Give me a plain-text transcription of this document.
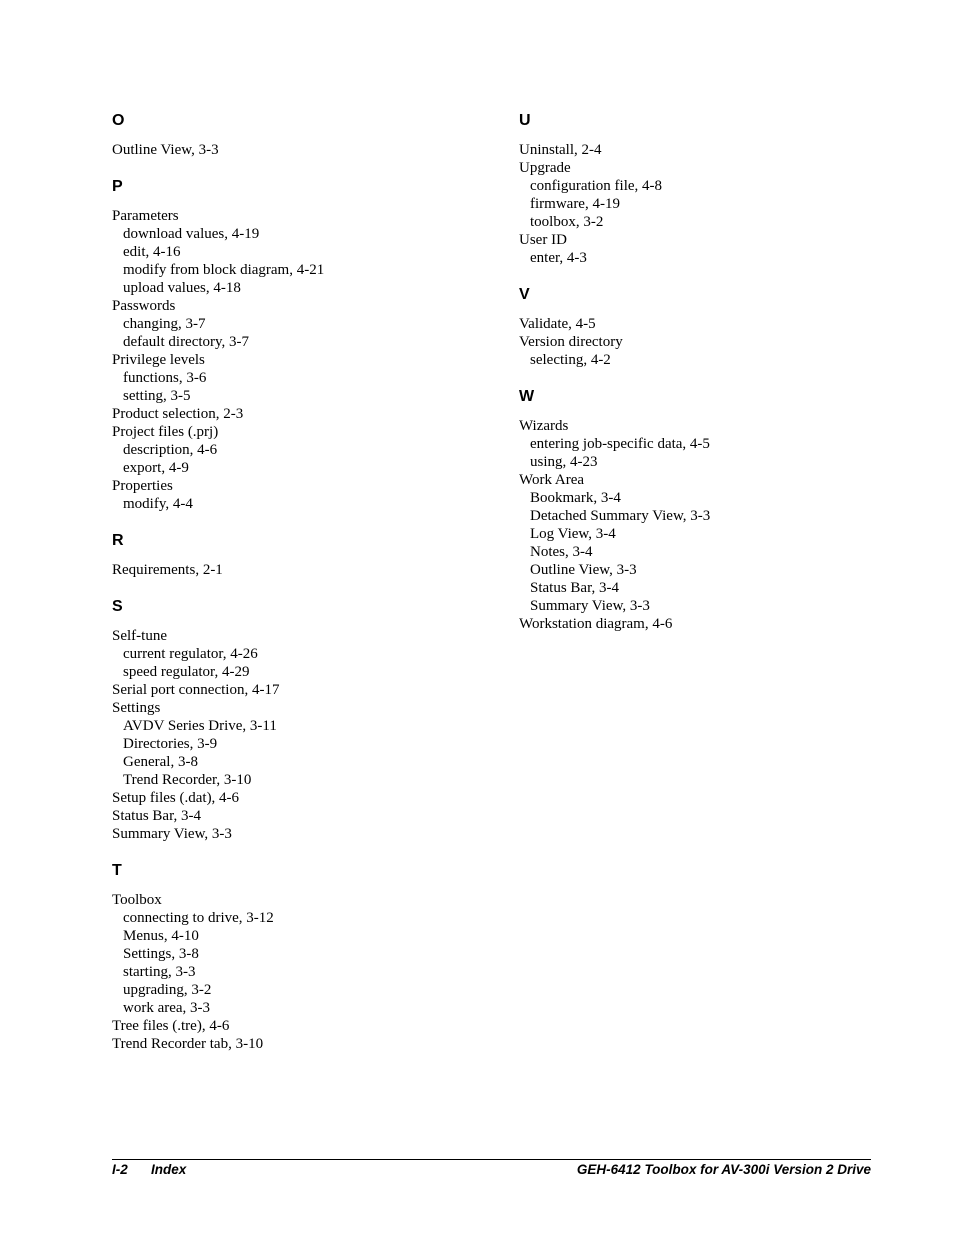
O
Outline View, 3-3
P
Parameters
download values, 4-19
edit, 4-16
modify from block diagram, 4-21
upload values, 4-18
Passwords
changing, 3-7
default directory, 3-7
Privilege levels
functions, 3-6
setting, 3-5
Product selection, 2-3
Project files (.prj)
description, 4-6
export, 4-9
Properties
modify, 4-4
R
Requirements, 2-1
S
Self-tune
current regulator, 4-26
speed regulator, 4-29
Serial port connection, 4-17
Settings
AVDV Series Drive, 3-11
Directories, 3-9
General, 3-8
Trend Recorder, 3-10
Setup files (.dat), 4-6
Status Bar, 3-4
Summary View, 3-3
T
Toolbox
connecting to drive, 3-12
Menus, 4-10
Settings, 3-8
starting, 3-3
upgrading, 3-2
work area, 3-3
Tree files (.tre), 4-6
Trend Recorder tab, 3-10
U
Uninstall, 2-4
Upgrade
configuration file, 4-8
firmware, 4-19
toolbox, 3-2
User ID
enter, 4-3
V
Validate, 4-5
Version directory
selecting, 4-2
W
Wizards
entering job-specific data, 4-5
using, 4-23
Work Area
Bookmark, 3-4
Detached Summary View, 3-3
Log View, 3-4
Notes, 3-4
Outline View, 3-3
Status Bar, 3-4
Summary View, 3-3
Workstation diagram, 4-6
I-2 Index	GEH-6412 Toolbox for AV-300i Version 2 Drive
